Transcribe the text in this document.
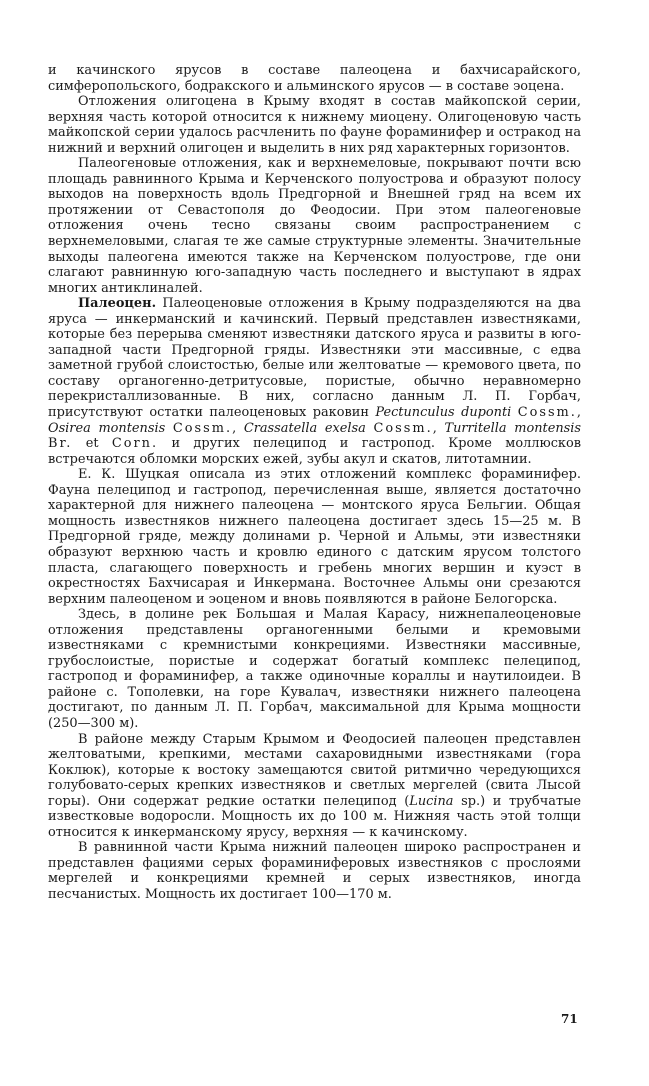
и качинского ярусов в составе палеоцена и бахчисарайского, симферопольского, бодракского и альминского ярусов — в составе эоцена.

Отложения олигоцена в Крыму входят в состав майкопской серии, верхняя часть которой относится к нижнему миоцену. Олигоценовую часть майкопской серии удалось расчленить по фауне фораминифер и остракод на нижний и верхний олигоцен и выделить в них ряд характерных горизонтов.

Палеогеновые отложения, как и верхнемеловые, покрывают почти всю площадь равнинного Крыма и Керченского полуострова и образуют полосу выходов на поверхность вдоль Предгорной и Внешней гряд на всем их протяжении от Севастополя до Феодосии. При этом палеогеновые отложения очень тесно связаны своим распространением с верхнемеловыми, слагая те же самые структурные элементы. Значительные выходы палеогена имеются также на Керченском полуострове, где они слагают равнинную юго-западную часть последнего и выступают в ядрах многих антиклиналей.

Палеоцен. Палеоценовые отложения в Крыму подразделяются на два яруса — инкерманский и качинский. Первый представлен известняками, которые без перерыва сменяют известняки датского яруса и развиты в юго-западной части Предгорной гряды. Известняки эти массивные, с едва заметной грубой слоистостью, белые или желтоватые — кремового цвета, по составу органогенно-детритусовые, пористые, обычно неравномерно перекристаллизованные. В них, согласно данным Л. П. Горбач, присутствуют остатки палеоценовых раковин Pectunculus duponti Cossm., Osirea montensis Cossm., Crassatella exelsa Cossm., Turritella montensis Br. et Corn. и других пелеципод и гастропод. Кроме моллюсков встречаются обломки морских ежей, зубы акул и скатов, литотамнии.

Е. К. Шуцкая описала из этих отложений комплекс фораминифер. Фауна пелеципод и гастропод, перечисленная выше, является достаточно характерной для нижнего палеоцена — монтского яруса Бельгии. Общая мощность известняков нижнего палеоцена достигает здесь 15—25 м. В Предгорной гряде, между долинами р. Черной и Альмы, эти известняки образуют верхнюю часть и кровлю единого с датским ярусом толстого пласта, слагающего поверхность и гребень многих вершин и куэст в окрестностях Бахчисарая и Инкермана. Восточнее Альмы они срезаются верхним палеоценом и эоценом и вновь появляются в районе Белогорска.

Здесь, в долине рек Большая и Малая Карасу, нижнепалеоценовые отложения представлены органогенными белыми и кремовыми известняками с кремнистыми конкрециями. Известняки массивные, грубослоистые, пористые и содержат богатый комплекс пелеципод, гастропод и фораминифер, а также одиночные кораллы и наутилоидеи. В районе с. Тополевки, на горе Кувалач, известняки нижнего палеоцена достигают, по данным Л. П. Горбач, максимальной для Крыма мощности (250—300 м).

В районе между Старым Крымом и Феодосией палеоцен представлен желтоватыми, крепкими, местами сахаровидными известняками (гора Коклюк), которые к востоку замещаются свитой ритмично чередующихся голубовато-серых крепких известняков и светлых мергелей (свита Лысой горы). Они содержат редкие остатки пелеципод (Lucina sp.) и трубчатые известковые водоросли. Мощность их до 100 м. Нижняя часть этой толщи относится к инкерманскому ярусу, верхняя — к качинскому.

В равнинной части Крыма нижний палеоцен широко распространен и представлен фациями серых фораминиферовых известняков с прослоями мергелей и конкрециями кремней и серых известняков, иногда песчанистых. Мощность их достигает 100—170 м.

71
